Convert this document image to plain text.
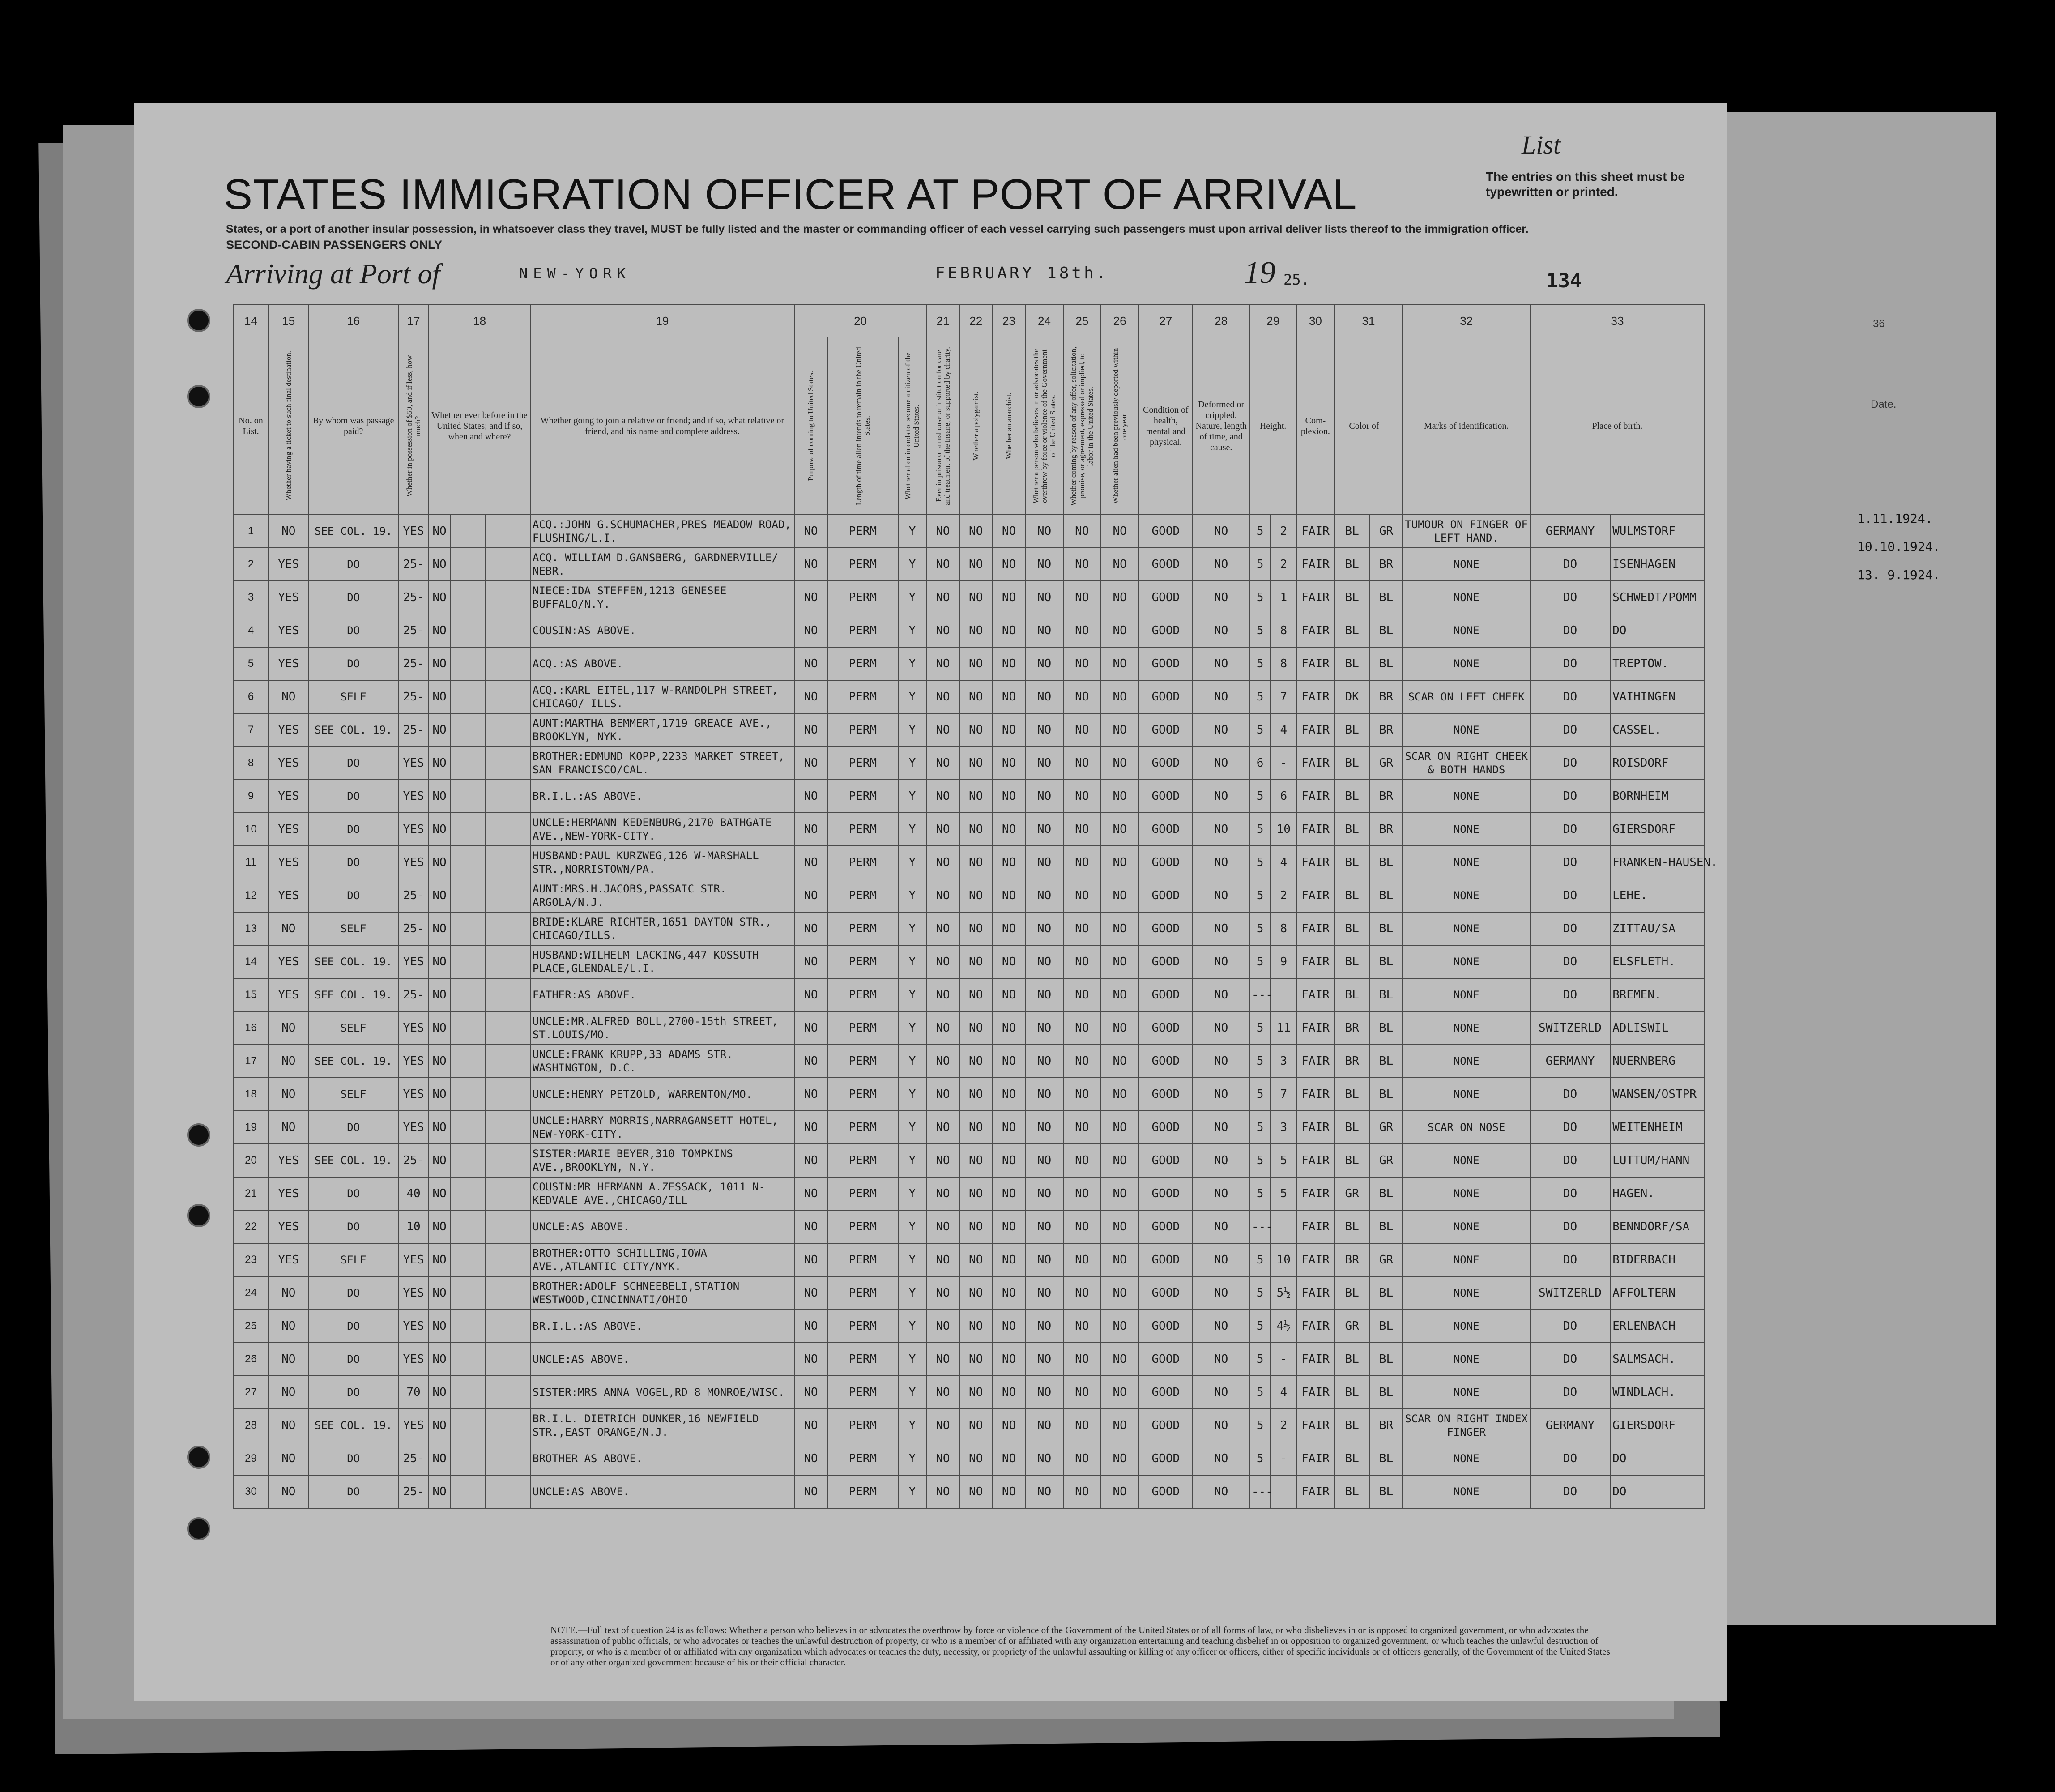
36
Date.
1.11.1924.
10.10.1924.
13. 9.1924.
List
STATES IMMIGRATION OFFICER AT PORT OF ARRIVAL	The entries on this sheet must be typewritten or printed.
States, or a port of another insular possession, in whatsoever class they travel, MUST be fully listed and the master or commanding officer of each vessel carrying such passengers must upon arrival deliver lists thereof to the immigration officer.
SECOND-CABIN PASSENGERS ONLY
Arriving at Port of	NEW-YORK	FEBRUARY 18th.	19 25.	134
14	15	16	17	18			19	20			21	22	23	24	25	26	27	28	29		30	31		32	33	
No. on List.	Whether having a ticket to such final destination.	By whom was passage paid?	Whether in possession of $50, and if less, how much?	Whether ever before in the United States; and if so, when and where?			Whether going to join a relative or friend; and if so, what relative or friend, and his name and complete address.	Purpose of coming to United States.	Length of time alien intends to remain in the United States.	Whether alien intends to become a citizen of the United States.	Ever in prison or almshouse or institution for care and treatment of the insane, or supported by charity.	Whether a polygamist.	Whether an anarchist.	Whether a person who believes in or advocates the overthrow by force or violence of the Government of the United States.	Whether coming by reason of any offer, solicitation, promise, or agreement, expressed or implied, to labor in the United States.	Whether alien had been previously deported within one year.	Condition of health, mental and physical.	Deformed or crippled. Nature, length of time, and cause.	Height.		Com-plexion.	Color of—		Marks of identification.	Place of birth.	
1	NO	SEE COL. 19.	YES	NO			ACQ.:JOHN G.SCHUMACHER,PRES MEADOW ROAD, FLUSHING/L.I.	NO	PERM	Y	NO	NO	NO	NO	NO	NO	GOOD	NO	5	2	FAIR	BL	GR	TUMOUR ON FINGER OF LEFT HAND.	GERMANY	WULMSTORF
2	YES	DO	25-	NO			ACQ. WILLIAM D.GANSBERG, GARDNERVILLE/ NEBR.	NO	PERM	Y	NO	NO	NO	NO	NO	NO	GOOD	NO	5	2	FAIR	BL	BR	NONE	DO	ISENHAGEN
3	YES	DO	25-	NO			NIECE:IDA STEFFEN,1213 GENESEE BUFFALO/N.Y.	NO	PERM	Y	NO	NO	NO	NO	NO	NO	GOOD	NO	5	1	FAIR	BL	BL	NONE	DO	SCHWEDT/POMM
4	YES	DO	25-	NO			COUSIN:AS ABOVE.	NO	PERM	Y	NO	NO	NO	NO	NO	NO	GOOD	NO	5	8	FAIR	BL	BL	NONE	DO	DO
5	YES	DO	25-	NO			ACQ.:AS ABOVE.	NO	PERM	Y	NO	NO	NO	NO	NO	NO	GOOD	NO	5	8	FAIR	BL	BL	NONE	DO	TREPTOW.
6	NO	SELF	25-	NO			ACQ.:KARL EITEL,117 W-RANDOLPH STREET, CHICAGO/ ILLS.	NO	PERM	Y	NO	NO	NO	NO	NO	NO	GOOD	NO	5	7	FAIR	DK	BR	SCAR ON LEFT CHEEK	DO	VAIHINGEN
7	YES	SEE COL. 19.	25-	NO			AUNT:MARTHA BEMMERT,1719 GREACE AVE., BROOKLYN, NYK.	NO	PERM	Y	NO	NO	NO	NO	NO	NO	GOOD	NO	5	4	FAIR	BL	BR	NONE	DO	CASSEL.
8	YES	DO	YES	NO			BROTHER:EDMUND KOPP,2233 MARKET STREET, SAN FRANCISCO/CAL.	NO	PERM	Y	NO	NO	NO	NO	NO	NO	GOOD	NO	6	-	FAIR	BL	GR	SCAR ON RIGHT CHEEK & BOTH HANDS	DO	ROISDORF
9	YES	DO	YES	NO			BR.I.L.:AS ABOVE.	NO	PERM	Y	NO	NO	NO	NO	NO	NO	GOOD	NO	5	6	FAIR	BL	BR	NONE	DO	BORNHEIM
10	YES	DO	YES	NO			UNCLE:HERMANN KEDENBURG,2170 BATHGATE AVE.,NEW-YORK-CITY.	NO	PERM	Y	NO	NO	NO	NO	NO	NO	GOOD	NO	5	10	FAIR	BL	BR	NONE	DO	GIERSDORF
11	YES	DO	YES	NO			HUSBAND:PAUL KURZWEG,126 W-MARSHALL STR.,NORRISTOWN/PA.	NO	PERM	Y	NO	NO	NO	NO	NO	NO	GOOD	NO	5	4	FAIR	BL	BL	NONE	DO	FRANKEN-HAUSEN.
12	YES	DO	25-	NO			AUNT:MRS.H.JACOBS,PASSAIC STR. ARGOLA/N.J.	NO	PERM	Y	NO	NO	NO	NO	NO	NO	GOOD	NO	5	2	FAIR	BL	BL	NONE	DO	LEHE.
13	NO	SELF	25-	NO			BRIDE:KLARE RICHTER,1651 DAYTON STR., CHICAGO/ILLS.	NO	PERM	Y	NO	NO	NO	NO	NO	NO	GOOD	NO	5	8	FAIR	BL	BL	NONE	DO	ZITTAU/SA
14	YES	SEE COL. 19.	YES	NO			HUSBAND:WILHELM LACKING,447 KOSSUTH PLACE,GLENDALE/L.I.	NO	PERM	Y	NO	NO	NO	NO	NO	NO	GOOD	NO	5	9	FAIR	BL	BL	NONE	DO	ELSFLETH.
15	YES	SEE COL. 19.	25-	NO			FATHER:AS ABOVE.	NO	PERM	Y	NO	NO	NO	NO	NO	NO	GOOD	NO	---		FAIR	BL	BL	NONE	DO	BREMEN.
16	NO	SELF	YES	NO			UNCLE:MR.ALFRED BOLL,2700-15th STREET, ST.LOUIS/MO.	NO	PERM	Y	NO	NO	NO	NO	NO	NO	GOOD	NO	5	11	FAIR	BR	BL	NONE	SWITZERLD	ADLISWIL
17	NO	SEE COL. 19.	YES	NO			UNCLE:FRANK KRUPP,33 ADAMS STR. WASHINGTON, D.C.	NO	PERM	Y	NO	NO	NO	NO	NO	NO	GOOD	NO	5	3	FAIR	BR	BL	NONE	GERMANY	NUERNBERG
18	NO	SELF	YES	NO			UNCLE:HENRY PETZOLD, WARRENTON/MO.	NO	PERM	Y	NO	NO	NO	NO	NO	NO	GOOD	NO	5	7	FAIR	BL	BL	NONE	DO	WANSEN/OSTPR
19	NO	DO	YES	NO			UNCLE:HARRY MORRIS,NARRAGANSETT HOTEL, NEW-YORK-CITY.	NO	PERM	Y	NO	NO	NO	NO	NO	NO	GOOD	NO	5	3	FAIR	BL	GR	SCAR ON NOSE	DO	WEITENHEIM
20	YES	SEE COL. 19.	25-	NO			SISTER:MARIE BEYER,310 TOMPKINS AVE.,BROOKLYN, N.Y.	NO	PERM	Y	NO	NO	NO	NO	NO	NO	GOOD	NO	5	5	FAIR	BL	GR	NONE	DO	LUTTUM/HANN
21	YES	DO	40	NO			COUSIN:MR HERMANN A.ZESSACK, 1011 N-KEDVALE AVE.,CHICAGO/ILL	NO	PERM	Y	NO	NO	NO	NO	NO	NO	GOOD	NO	5	5	FAIR	GR	BL	NONE	DO	HAGEN.
22	YES	DO	10	NO			UNCLE:AS ABOVE.	NO	PERM	Y	NO	NO	NO	NO	NO	NO	GOOD	NO	---		FAIR	BL	BL	NONE	DO	BENNDORF/SA
23	YES	SELF	YES	NO			BROTHER:OTTO SCHILLING,IOWA AVE.,ATLANTIC CITY/NYK.	NO	PERM	Y	NO	NO	NO	NO	NO	NO	GOOD	NO	5	10	FAIR	BR	GR	NONE	DO	BIDERBACH
24	NO	DO	YES	NO			BROTHER:ADOLF SCHNEEBELI,STATION WESTWOOD,CINCINNATI/OHIO	NO	PERM	Y	NO	NO	NO	NO	NO	NO	GOOD	NO	5	5½	FAIR	BL	BL	NONE	SWITZERLD	AFFOLTERN
25	NO	DO	YES	NO			BR.I.L.:AS ABOVE.	NO	PERM	Y	NO	NO	NO	NO	NO	NO	GOOD	NO	5	4½	FAIR	GR	BL	NONE	DO	ERLENBACH
26	NO	DO	YES	NO			UNCLE:AS ABOVE.	NO	PERM	Y	NO	NO	NO	NO	NO	NO	GOOD	NO	5	-	FAIR	BL	BL	NONE	DO	SALMSACH.
27	NO	DO	70	NO			SISTER:MRS ANNA VOGEL,RD 8 MONROE/WISC.	NO	PERM	Y	NO	NO	NO	NO	NO	NO	GOOD	NO	5	4	FAIR	BL	BL	NONE	DO	WINDLACH.
28	NO	SEE COL. 19.	YES	NO			BR.I.L. DIETRICH DUNKER,16 NEWFIELD STR.,EAST ORANGE/N.J.	NO	PERM	Y	NO	NO	NO	NO	NO	NO	GOOD	NO	5	2	FAIR	BL	BR	SCAR ON RIGHT INDEX FINGER	GERMANY	GIERSDORF
29	NO	DO	25-	NO			BROTHER AS ABOVE.	NO	PERM	Y	NO	NO	NO	NO	NO	NO	GOOD	NO	5	-	FAIR	BL	BL	NONE	DO	DO
30	NO	DO	25-	NO			UNCLE:AS ABOVE.	NO	PERM	Y	NO	NO	NO	NO	NO	NO	GOOD	NO	---		FAIR	BL	BL	NONE	DO	DO
NOTE.—Full text of question 24 is as follows: Whether a person who believes in or advocates the overthrow by force or violence of the Government of the United States or of all forms of law, or who disbelieves in or is opposed to organized government, or who advocates the assassination of public officials, or who advocates or teaches the unlawful destruction of property, or who is a member of or affiliated with any organization entertaining and teaching disbelief in or opposition to organized government, or which teaches the unlawful destruction of property, or who is a member of or affiliated with any organization which advocates or teaches the duty, necessity, or propriety of the unlawful assaulting or killing of any officer or officers, either of specific individuals or of officers generally, of the Government of the United States or of any other organized government because of his or their official character.
